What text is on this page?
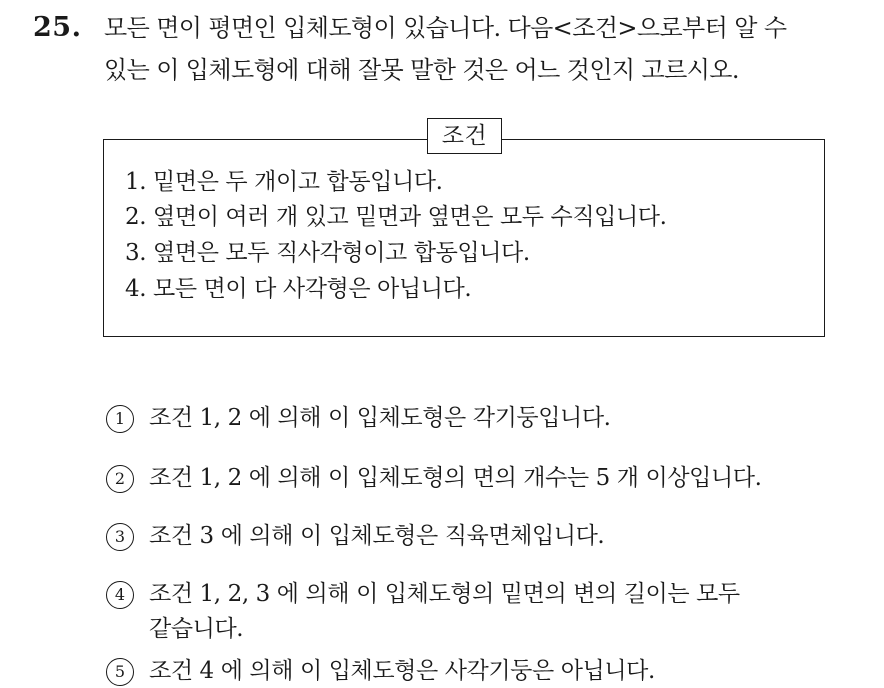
25. 모든 면이 평면인 입체도형이 있습니다. 다음<조건>으로부터 알 수
있는 이 입체도형에 대해 잘못 말한 것은 어느 것인지 고르시오.
조건
1. 밑면은 두 개이고 합동입니다.
2. 옆면이 여러 개 있고 밑면과 옆면은 모두 수직입니다.
3. 옆면은 모두 직사각형이고 합동입니다.
4. 모든 면이 다 사각형은 아닙니다.
1	조건 1, 2 에 의해 이 입체도형은 각기둥입니다.
2	조건 1, 2 에 의해 이 입체도형의 면의 개수는 5 개 이상입니다.
3	조건 3 에 의해 이 입체도형은 직육면체입니다.
4	조건 1, 2, 3 에 의해 이 입체도형의 밑면의 변의 길이는 모두
같습니다.
5	조건 4 에 의해 이 입체도형은 사각기둥은 아닙니다.
